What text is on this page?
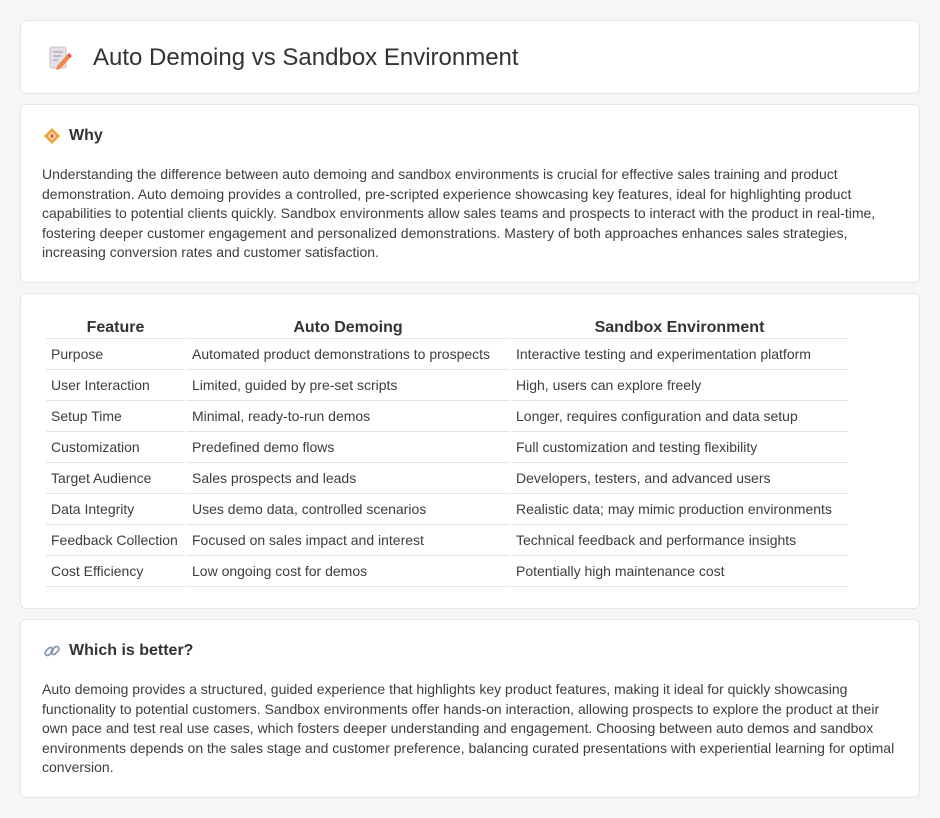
Auto Demoing vs Sandbox Environment
Why

Understanding the difference between auto demoing and sandbox environments is crucial for effective sales training and product demonstration. Auto demoing provides a controlled, pre-scripted experience showcasing key features, ideal for highlighting product capabilities to potential clients quickly. Sandbox environments allow sales teams and prospects to interact with the product in real-time, fostering deeper customer engagement and personalized demonstrations. Mastery of both approaches enhances sales strategies, increasing conversion rates and customer satisfaction.

Feature	Auto Demoing	Sandbox Environment
Purpose	Automated product demonstrations to prospects	Interactive testing and experimentation platform
User Interaction	Limited, guided by pre-set scripts	High, users can explore freely
Setup Time	Minimal, ready-to-run demos	Longer, requires configuration and data setup
Customization	Predefined demo flows	Full customization and testing flexibility
Target Audience	Sales prospects and leads	Developers, testers, and advanced users
Data Integrity	Uses demo data, controlled scenarios	Realistic data; may mimic production environments
Feedback Collection	Focused on sales impact and interest	Technical feedback and performance insights
Cost Efficiency	Low ongoing cost for demos	Potentially high maintenance cost
Which is better?

Auto demoing provides a structured, guided experience that highlights key product features, making it ideal for quickly showcasing functionality to potential customers. Sandbox environments offer hands-on interaction, allowing prospects to explore the product at their own pace and test real use cases, which fosters deeper understanding and engagement. Choosing between auto demos and sandbox environments depends on the sales stage and customer preference, balancing curated presentations with experiential learning for optimal conversion.
